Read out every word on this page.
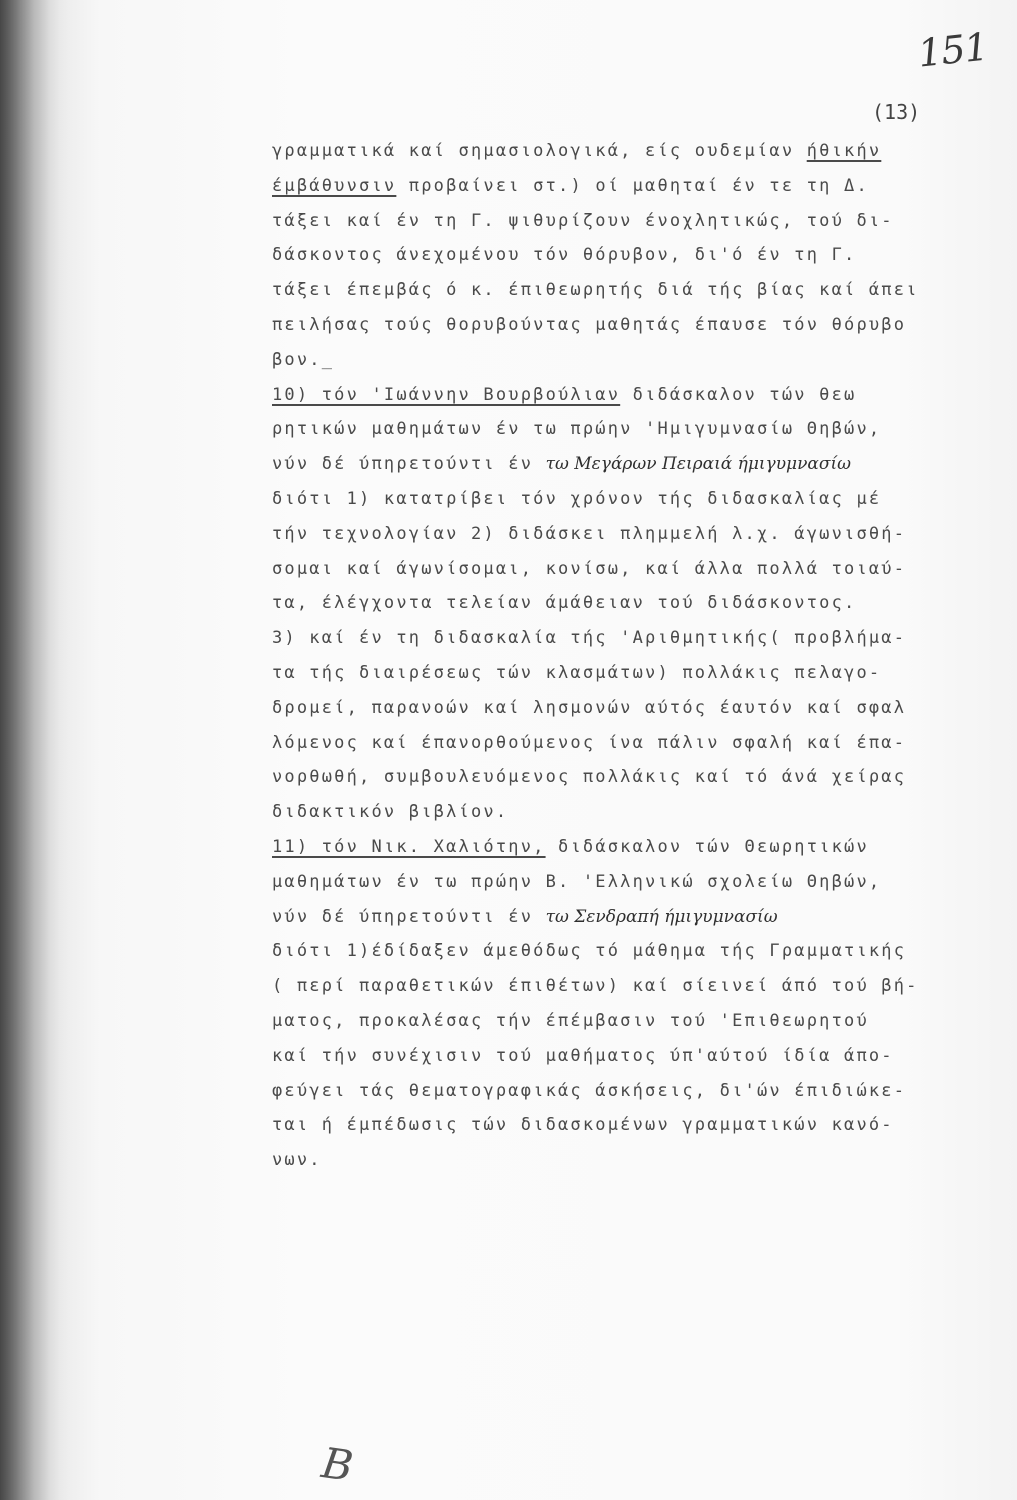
151
(13)
γραμματικά καί σημασιολογικά, είς ουδεμίαν ήθικήν
έμβάθυνσιν προβαίνει στ.) οί μαθηταί έν τε τη Δ.
τάξει καί έν τη Γ. ψιθυρίζουν ένοχλητικώς, τού δι-
δάσκοντος άνεχομένου τόν θόρυβον, δι'ό έν τη Γ.
τάξει έπεμβάς ό κ. έπιθεωρητής διά τής βίας καί άπει
πειλήσας τούς θορυβούντας μαθητάς έπαυσε τόν θόρυβο
βον._
10) τόν 'Ιωάννην Βουρβούλιαν διδάσκαλον τών θεω
ρητικών μαθημάτων έν τω πρώην 'Ημιγυμνασίω Θηβών,
νύν δέ ύπηρετούντι έν τω Μεγάρων Πειραιά ήμιγυμνασίω
διότι 1) κατατρίβει τόν χρόνον τής διδασκαλίας μέ
τήν τεχνολογίαν 2) διδάσκει πλημμελή λ.χ. άγωνισθή-
σομαι καί άγωνίσομαι, κονίσω, καί άλλα πολλά τοιαύ-
τα, έλέγχοντα τελείαν άμάθειαν τού διδάσκοντος.
3) καί έν τη διδασκαλία τής 'Αριθμητικής( προβλήμα-
τα τής διαιρέσεως τών κλασμάτων) πολλάκις πελαγο-
δρομεί, παρανοών καί λησμονών αύτός έαυτόν καί σφαλ
λόμενος καί έπανορθούμενος ίνα πάλιν σφαλή καί έπα-
νορθωθή, συμβουλευόμενος πολλάκις καί τό άνά χείρας
διδακτικόν βιβλίον.
11) τόν Νικ. Χαλιότην, διδάσκαλον τών Θεωρητικών
μαθημάτων έν τω πρώην Β. 'Ελληνικώ σχολείω Θηβών,
νύν δέ ύπηρετούντι έν τω Σενδραπή ήμιγυμνασίω
διότι 1)έδίδαξεν άμεθόδως τό μάθημα τής Γραμματικής
( περί παραθετικών έπιθέτων) καί σίεινεί άπό τού βή-
ματος, προκαλέσας τήν έπέμβασιν τού 'Επιθεωρητού
καί τήν συνέχισιν τού μαθήματος ύπ'αύτού ίδία άπο-
φεύγει τάς θεματογραφικάς άσκήσεις, δι'ών έπιδιώκε-
ται ή έμπέδωσις τών διδασκομένων γραμματικών κανό-
νων.
Β
